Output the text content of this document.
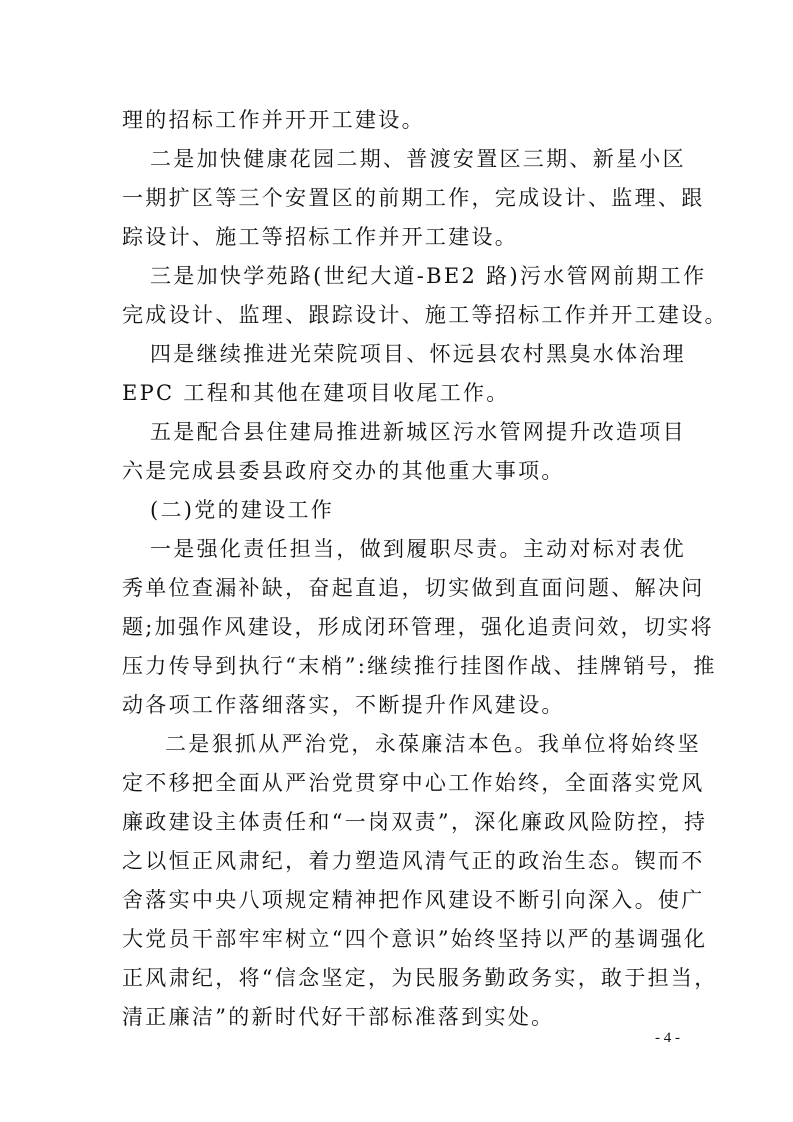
理的招标工作并开开工建设。
二是加快健康花园二期、普渡安置区三期、新星小区
一期扩区等三个安置区的前期工作，完成设计、监理、跟
踪设计、施工等招标工作并开工建设。
三是加快学苑路(世纪大道-BE2 路)污水管网前期工作
完成设计、监理、跟踪设计、施工等招标工作并开工建设。
四是继续推进光荣院项目、怀远县农村黑臭水体治理
EPC 工程和其他在建项目收尾工作。
五是配合县住建局推进新城区污水管网提升改造项目
六是完成县委县政府交办的其他重大事项。
(二)党的建设工作
一是强化责任担当，做到履职尽责。主动对标对表优
秀单位查漏补缺，奋起直追，切实做到直面问题、解决问
题;加强作风建设，形成闭环管理，强化追责问效，切实将
压力传导到执行“末梢”:继续推行挂图作战、挂牌销号，推
动各项工作落细落实，不断提升作风建设。
二是狠抓从严治党，永葆廉洁本色。我单位将始终坚
定不移把全面从严治党贯穿中心工作始终，全面落实党风
廉政建设主体责任和“一岗双责”，深化廉政风险防控，持
之以恒正风肃纪，着力塑造风清气正的政治生态。锲而不
舍落实中央八项规定精神把作风建设不断引向深入。使广
大党员干部牢牢树立“四个意识”始终坚持以严的基调强化
正风肃纪，将“信念坚定，为民服务勤政务实，敢于担当，
清正廉洁”的新时代好干部标准落到实处。
- 4 -
